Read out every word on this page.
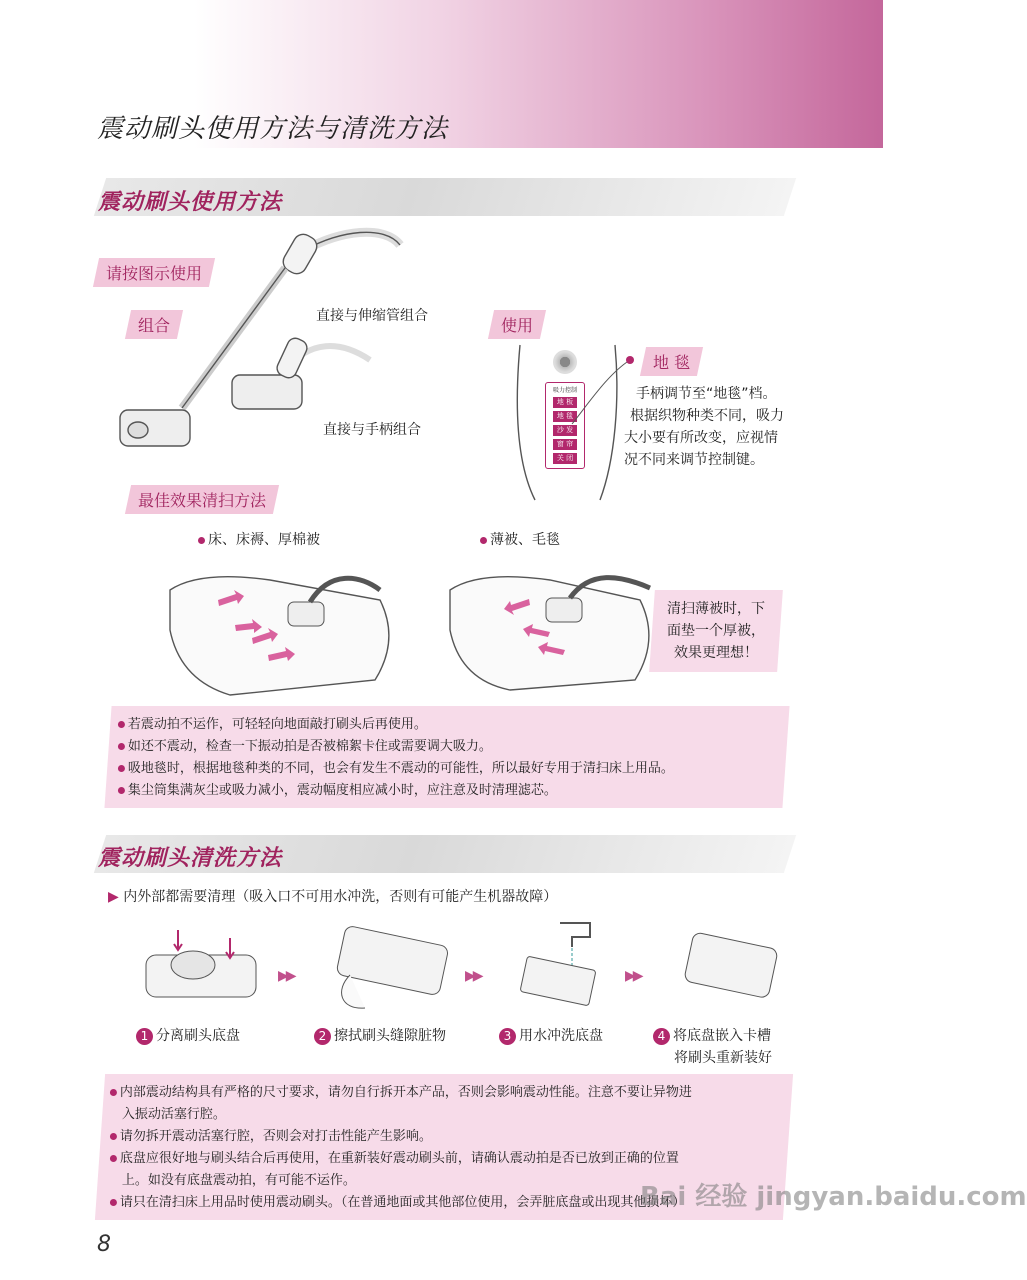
震动刷头使用方法与清洗方法
震动刷头使用方法
请按图示使用
组合	使用
直接与伸缩管组合
直接与手柄组合
吸力控制
地 板
地 毯
沙 发
窗 帘
关 闭
地 毯
手柄调节至“地毯”档。
根据织物种类不同，吸力
大小要有所改变，应视情
况不同来调节控制键。
最佳效果清扫方法
床、床褥、厚棉被	薄被、毛毯
清扫薄被时，下
面垫一个厚被，
效果更理想！
若震动拍不运作，可轻轻向地面敲打刷头后再使用。
如还不震动，检查一下振动拍是否被棉絮卡住或需要调大吸力。
吸地毯时，根据地毯种类的不同，也会有发生不震动的可能性，所以最好专用于清扫床上用品。
集尘筒集满灰尘或吸力减小，震动幅度相应减小时，应注意及时清理滤芯。
震动刷头清洗方法
▶ 内外部都需要清理（吸入口不可用水冲洗，否则有可能产生机器故障）
▶▶	▶▶	▶▶
1 分离刷头底盘	2 擦拭刷头缝隙脏物	3 用水冲洗底盘	4 将底盘嵌入卡槽
将刷头重新装好
内部震动结构具有严格的尺寸要求，请勿自行拆开本产品，否则会影响震动性能。注意不要让异物进
入振动活塞行腔。
请勿拆开震动活塞行腔，否则会对打击性能产生影响。
底盘应很好地与刷头结合后再使用，在重新装好震动刷头前，请确认震动拍是否已放到正确的位置
上。如没有底盘震动拍，有可能不运作。
请只在清扫床上用品时使用震动刷头。（在普通地面或其他部位使用，会弄脏底盘或出现其他损坏）
Bai 经验 jingyan.baidu.com
8
